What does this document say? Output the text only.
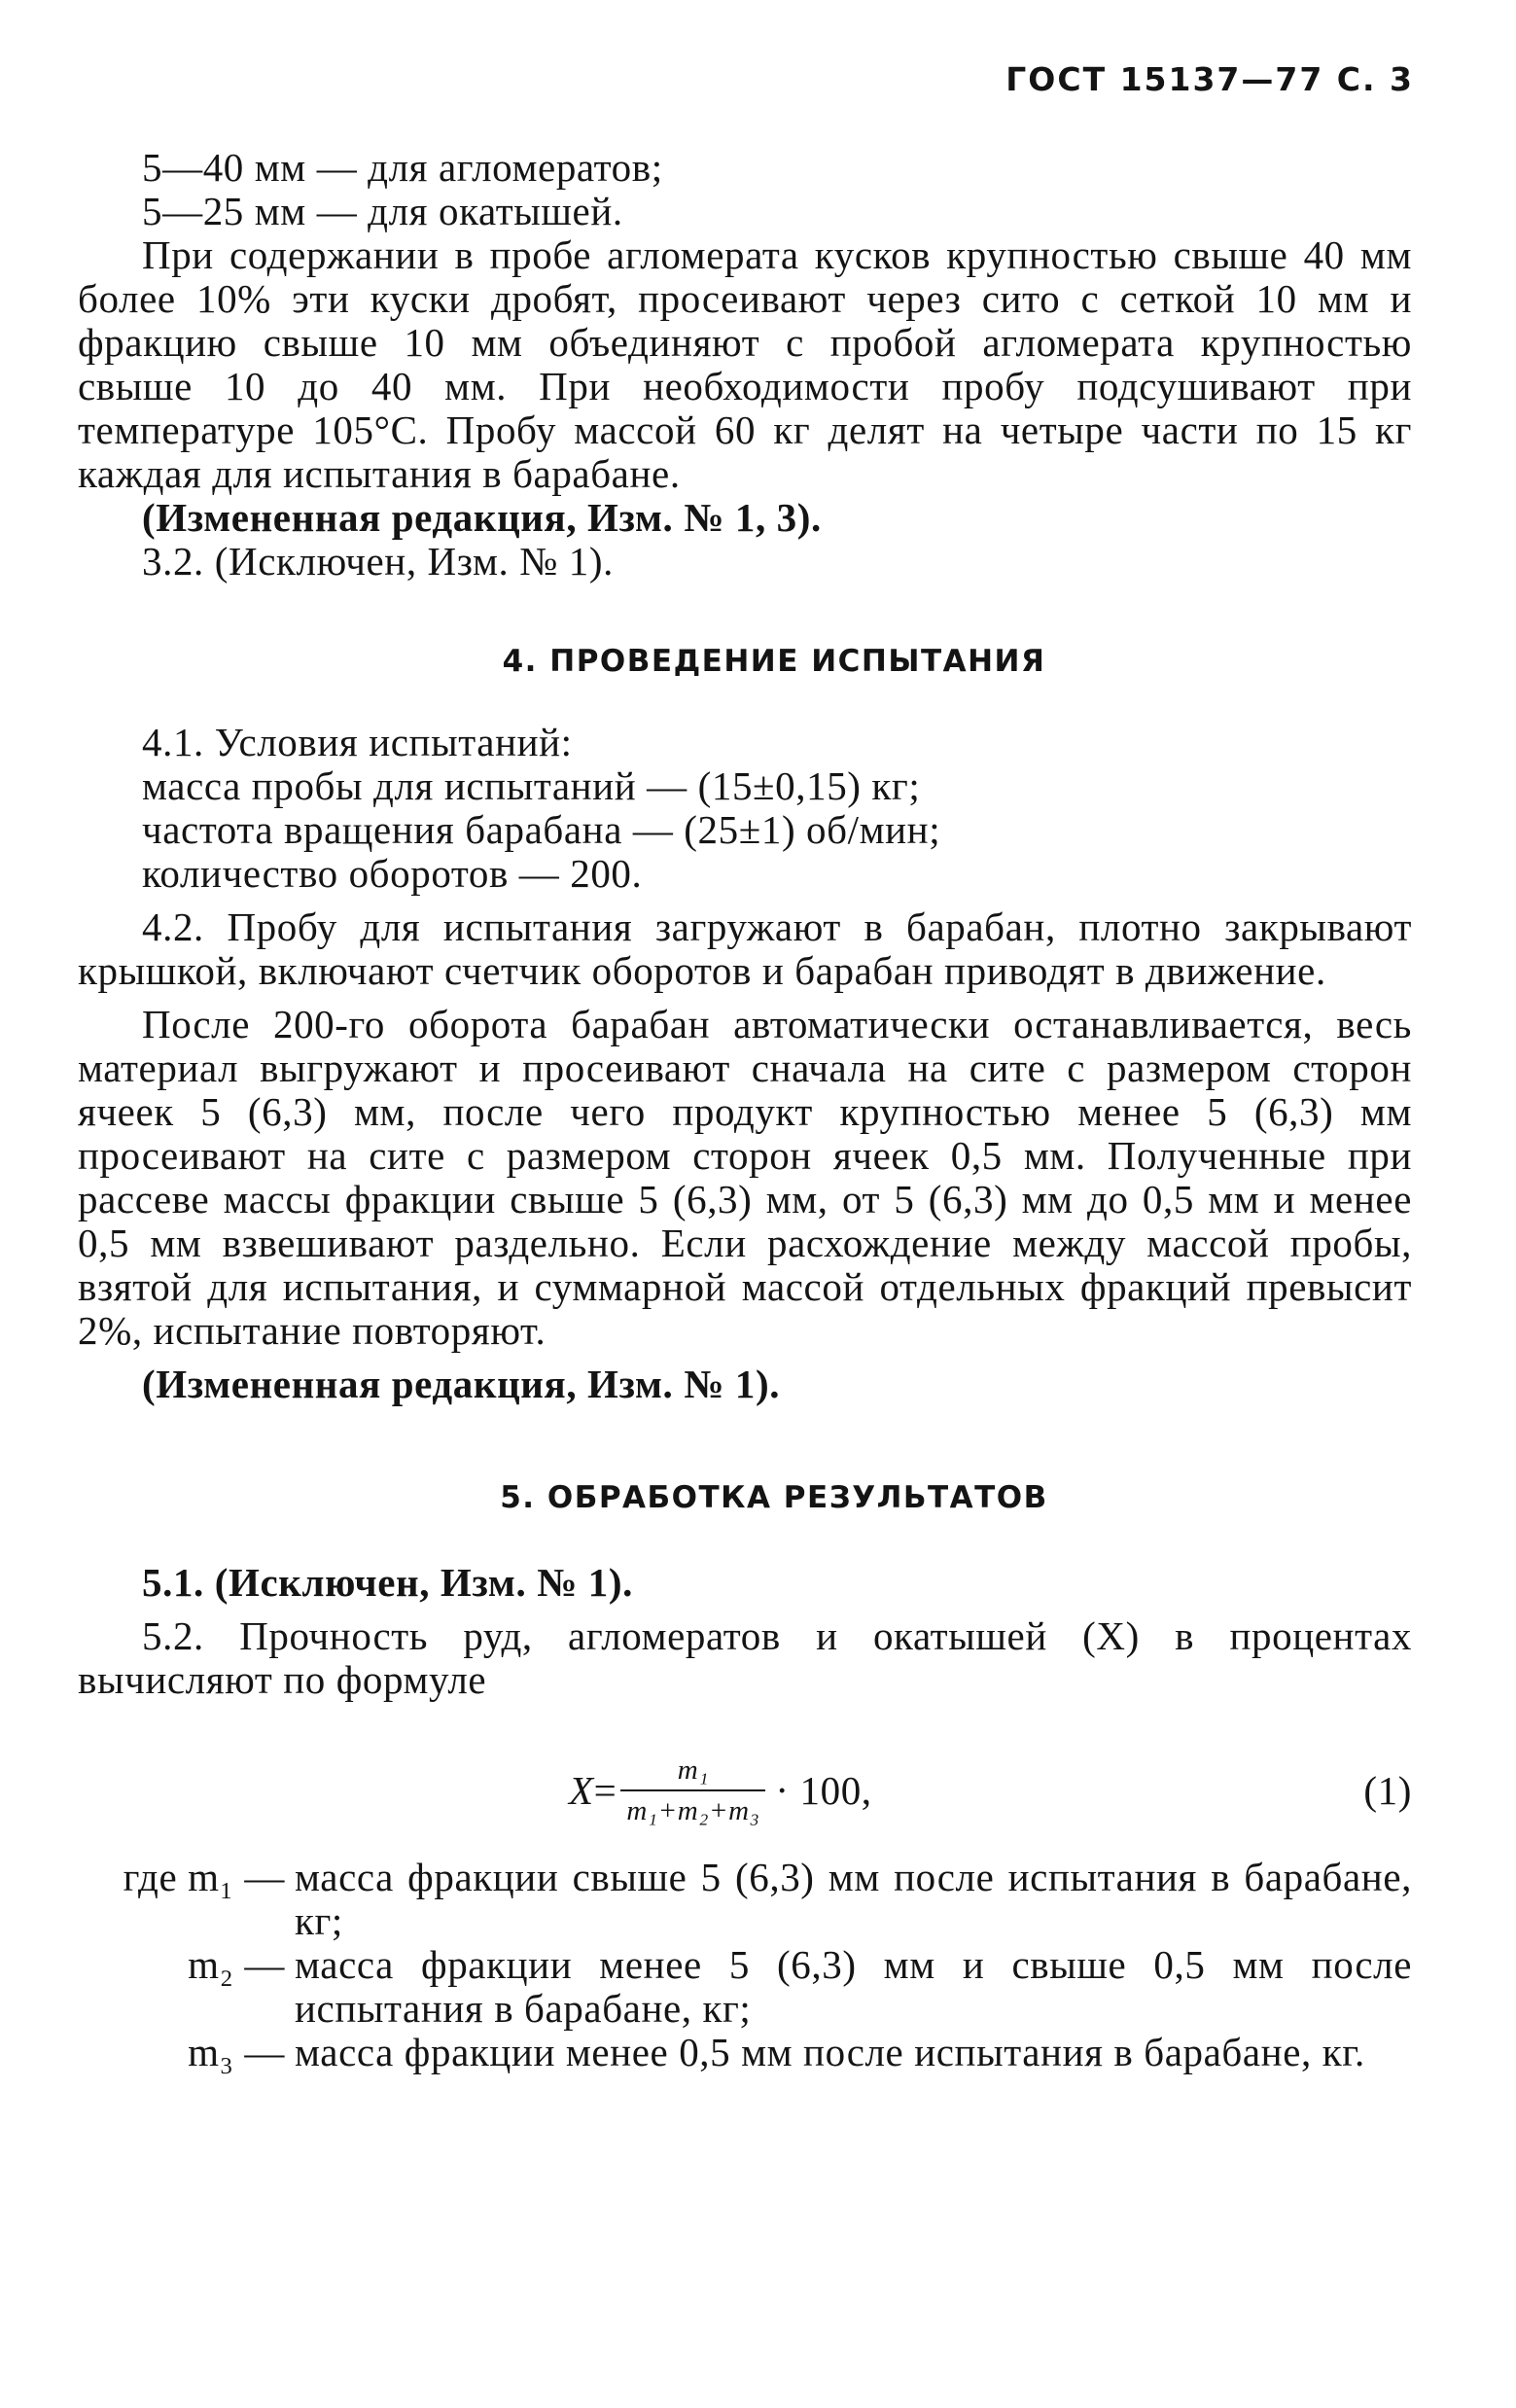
ГОСТ 15137—77 С. 3

5—40 мм — для агломератов;

5—25 мм — для окатышей.

При содержании в пробе агломерата кусков крупностью свыше 40 мм более 10% эти куски дробят, просеивают через сито с сеткой 10 мм и фракцию свыше 10 мм объединяют с пробой агломерата крупностью свыше 10 до 40 мм. При необходимости пробу подсушивают при температуре 105°С. Пробу массой 60 кг делят на четыре части по 15 кг каждая для испытания в барабане.

(Измененная редакция, Изм. № 1, 3).

3.2. (Исключен, Изм. № 1).

4. ПРОВЕДЕНИЕ ИСПЫТАНИЯ

4.1. Условия испытаний:

масса пробы для испытаний — (15±0,15) кг;

частота вращения барабана — (25±1) об/мин;

количество оборотов — 200.

4.2. Пробу для испытания загружают в барабан, плотно закрывают крышкой, включают счетчик оборотов и барабан приводят в движение.

После 200-го оборота барабан автоматически останавливается, весь материал выгружают и просеивают сначала на сите с размером сторон ячеек 5 (6,3) мм, после чего продукт крупностью менее 5 (6,3) мм просеивают на сите с размером сторон ячеек 0,5 мм. Полученные при рассеве массы фракции свыше 5 (6,3) мм, от 5 (6,3) мм до 0,5 мм и менее 0,5 мм взвешивают раздельно. Если расхождение между массой пробы, взятой для испытания, и суммарной массой отдельных фракций превысит 2%, испытание повторяют.

(Измененная редакция, Изм. № 1).

5. ОБРАБОТКА РЕЗУЛЬТАТОВ

5.1. (Исключен, Изм. № 1).

5.2. Прочность руд, агломератов и окатышей (X) в процентах вычисляют по формуле

$X = \frac{\text{m₁}}{\text{m₁+m₂+m₃}} \cdot 100$,	(1)
где m₁ — масса фракции свыше 5 (6,3) мм после испытания в барабане, кг;
m₂ — масса фракции менее 5 (6,3) мм и свыше 0,5 мм после испытания в барабане, кг;
m₃ — масса фракции менее 0,5 мм после испытания в барабане, кг.
